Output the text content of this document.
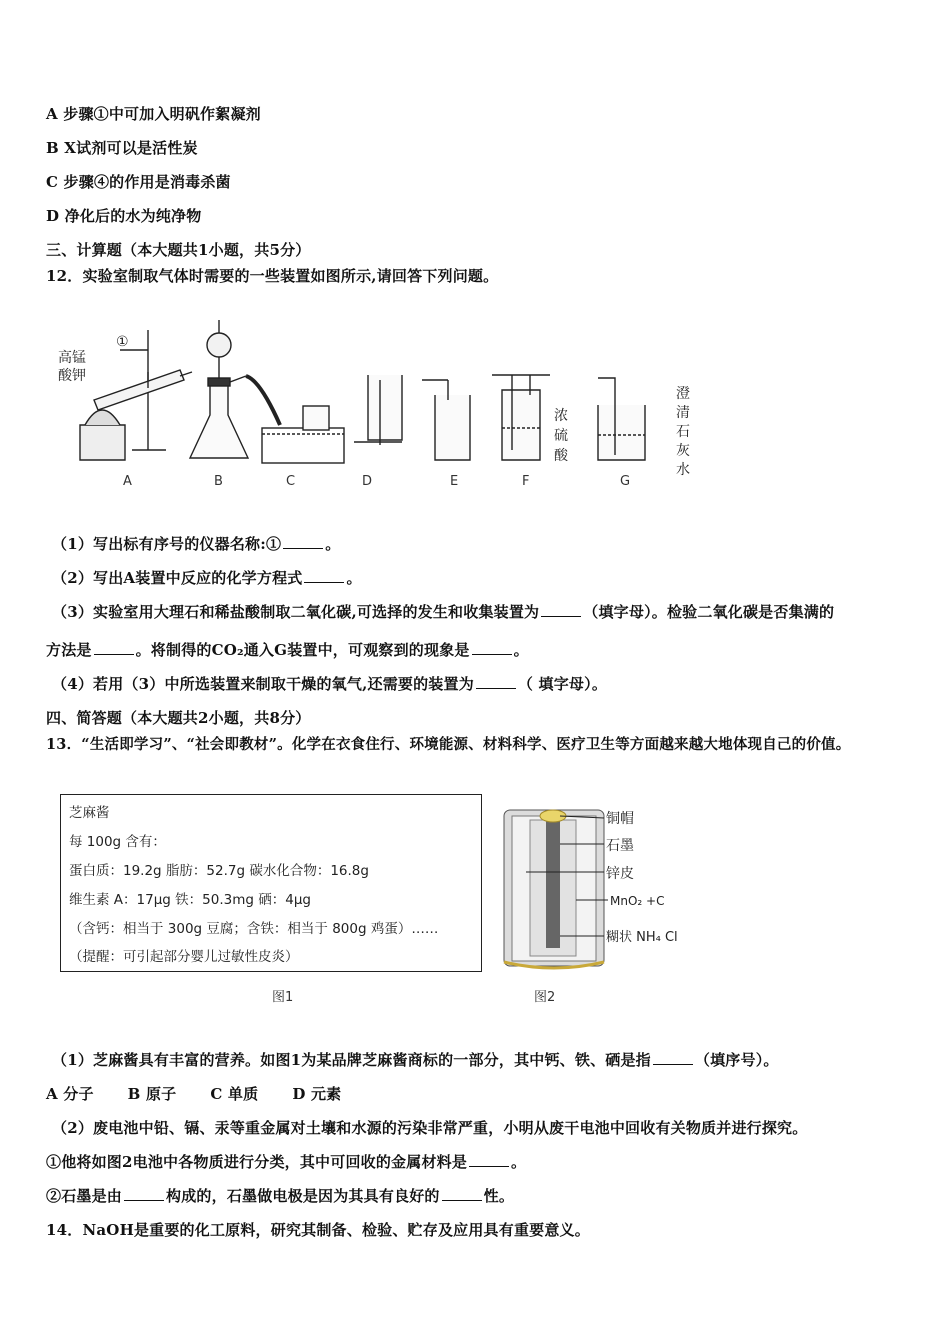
A 步骤①中可加入明矾作絮凝剂
B X试剂可以是活性炭
C 步骤④的作用是消毒杀菌
D 净化后的水为纯净物
三、计算题（本大题共1小题，共5分）
12．实验室制取气体时需要的一些装置如图所示,请回答下列问题。
高锰
酸钾
①
浓
硫
酸
澄
清
石
灰
水
A	B	C	D	E	F	G
（1）写出标有序号的仪器名称:①	。
（2）写出A装置中反应的化学方程式	。
（3）实验室用大理石和稀盐酸制取二氧化碳,可选择的发生和收集装置为	（填字母）。检验二氧化碳是否集满的
方法是	。将制得的CO₂通入G装置中，可观察到的现象是	。
（4）若用（3）中所选装置来制取干燥的氧气,还需要的装置为	（ 填字母）。
四、简答题（本大题共2小题，共8分）
13．“生活即学习”、“社会即教材”。化学在衣食住行、环境能源、材料科学、医疗卫生等方面越来越大地体现自己的价值。
芝麻酱
每 100g 含有：
蛋白质：19.2g 脂肪：52.7g 碳水化合物：16.8g
维生素 A：17μg 铁：50.3mg 硒：4μg
（含钙：相当于 300g 豆腐；含铁：相当于 800g 鸡蛋）……
（提醒：可引起部分婴儿过敏性皮炎）
图1
铜帽
石墨
锌皮
MnO₂ +C
糊状 NH₄ Cl
图2
（1）芝麻酱具有丰富的营养。如图1为某品牌芝麻酱商标的一部分，其中钙、铁、硒是指	（填序号）。
A 分子 B 原子 C 单质 D 元素
（2）废电池中铅、镉、汞等重金属对土壤和水源的污染非常严重，小明从废干电池中回收有关物质并进行探究。
①他将如图2电池中各物质进行分类，其中可回收的金属材料是	。
②石墨是由	构成的，石墨做电极是因为其具有良好的	性。
14．NaOH是重要的化工原料，研究其制备、检验、贮存及应用具有重要意义。
